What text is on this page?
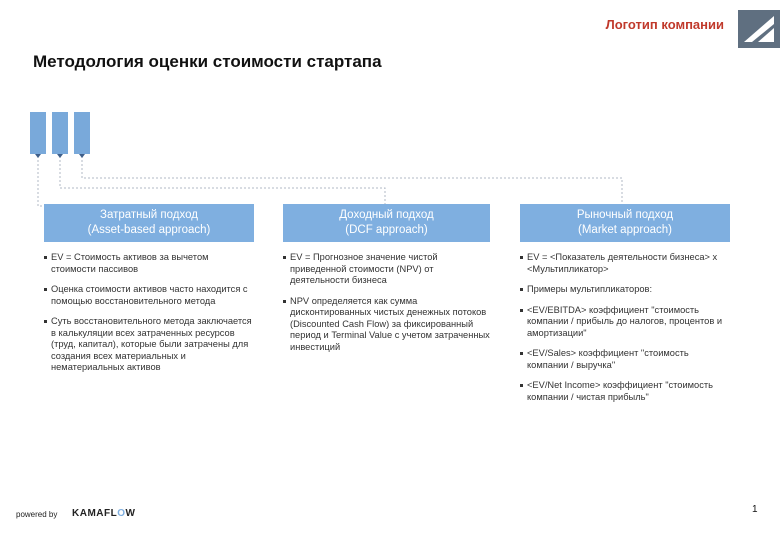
Логотип компании
Методология оценки стоимости стартапа
Затратный подход
(Asset-based approach)
EV = Стоимость активов за вычетом стоимости пассивов
Оценка стоимости активов часто находится с помощью восстановительного метода
Суть восстановительного метода заключается в калькуляции всех затраченных ресурсов (труд, капитал), которые были затрачены для создания всех материальных и нематериальных активов
Доходный подход
(DCF approach)
EV = Прогнозное значение чистой приведенной стоимости (NPV) от деятельности бизнеса
NPV определяется как сумма дисконтированных чистых денежных потоков (Discounted Cash Flow) за фиксированный период и Terminal Value с учетом затраченных инвестиций
Рыночный подход
(Market approach)
EV = <Показатель деятельности бизнеса> x <Мультипликатор>
Примеры мультипликаторов:
<EV/EBITDA> коэффициент "стоимость компании / прибыль до налогов, процентов и амортизации"
<EV/Sales> коэффициент "стоимость компании / выручка"
<EV/Net Income> коэффициент "стоимость компании / чистая прибыль"
powered by KAMAFLOW	1
